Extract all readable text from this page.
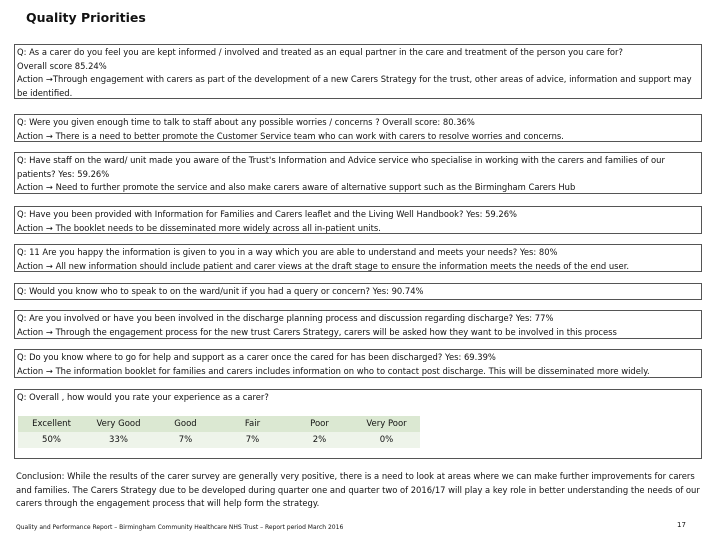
Quality Priorities

Q: As a carer do you feel you are kept informed / involved and treated as an equal partner in the care and treatment of the person you care for?

Overall score 85.24%

Action →Through engagement with carers as part of the development of a new Carers Strategy for the trust, other areas of advice, information and support may be identified.

Q: Were you given enough time to talk to staff about any possible worries / concerns ? Overall score: 80.36%

Action → There is a need to better promote the Customer Service team who can work with carers to resolve worries and concerns.

Q: Have staff on the ward/ unit made you aware of the Trust's Information and Advice service who specialise in working with the carers and families of our patients? Yes: 59.26%

Action → Need to further promote the service and also make carers aware of alternative support such as the Birmingham Carers Hub

Q: Have you been provided with Information for Families and Carers leaflet and the Living Well Handbook? Yes: 59.26%

Action → The booklet needs to be disseminated more widely across all in-patient units.

Q: 11 Are you happy the information is given to you in a way which you are able to understand and meets your needs? Yes: 80%

Action → All new information should include patient and carer views at the draft stage to ensure the information meets the needs of the end user.

Q: Would you know who to speak to on the ward/unit if you had a query or concern? Yes: 90.74%

Q: Are you involved or have you been involved in the discharge planning process and discussion regarding discharge? Yes: 77%

Action → Through the engagement process for the new trust Carers Strategy, carers will be asked how they want to be involved in this process

Q: Do you know where to go for help and support as a carer once the cared for has been discharged? Yes: 69.39%

Action → The information booklet for families and carers includes information on who to contact post discharge. This will be disseminated more widely.

Q: Overall , how would you rate your experience as a carer?

Excellent	Very Good	Good	Fair	Poor	Very Poor
50%	33%	7%	7%	2%	0%
Conclusion: While the results of the carer survey are generally very positive, there is a need to look at areas where we can make further improvements for carers and families. The Carers Strategy due to be developed during quarter one and quarter two of 2016/17 will play a key role in better understanding the needs of our carers through the engagement process that will help form the strategy.
Quality and Performance Report – Birmingham Community Healthcare NHS Trust – Report period March 2016	17
